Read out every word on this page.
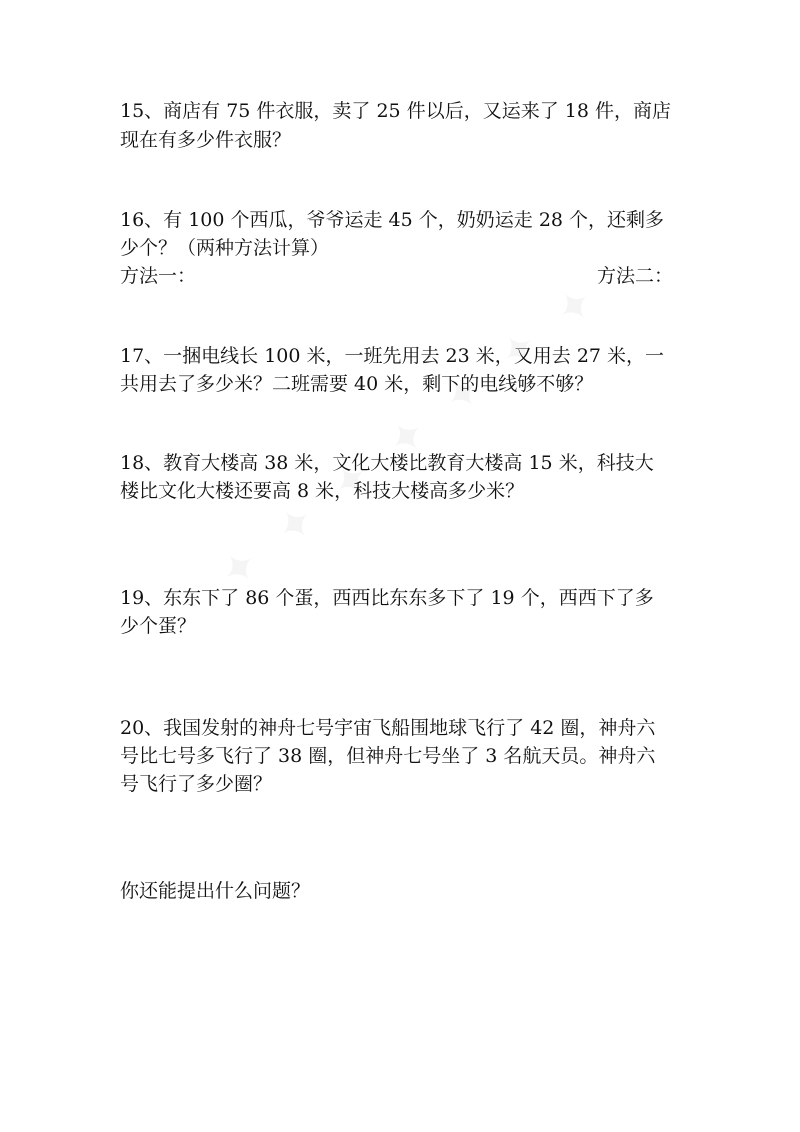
15、商店有 75 件衣服，卖了 25 件以后，又运来了 18 件，商店
现在有多少件衣服？
16、有 100 个西瓜，爷爷运走 45 个，奶奶运走 28 个，还剩多
少个？（两种方法计算）
方法一：	方法二：
17、一捆电线长 100 米，一班先用去 23 米，又用去 27 米，一
共用去了多少米？二班需要 40 米，剩下的电线够不够？
18、教育大楼高 38 米，文化大楼比教育大楼高 15 米，科技大
楼比文化大楼还要高 8 米，科技大楼高多少米？
19、东东下了 86 个蛋，西西比东东多下了 19 个，西西下了多
少个蛋？
20、我国发射的神舟七号宇宙飞船围地球飞行了 42 圈，神舟六
号比七号多飞行了 38 圈，但神舟七号坐了 3 名航天员。神舟六
号飞行了多少圈？
你还能提出什么问题？
